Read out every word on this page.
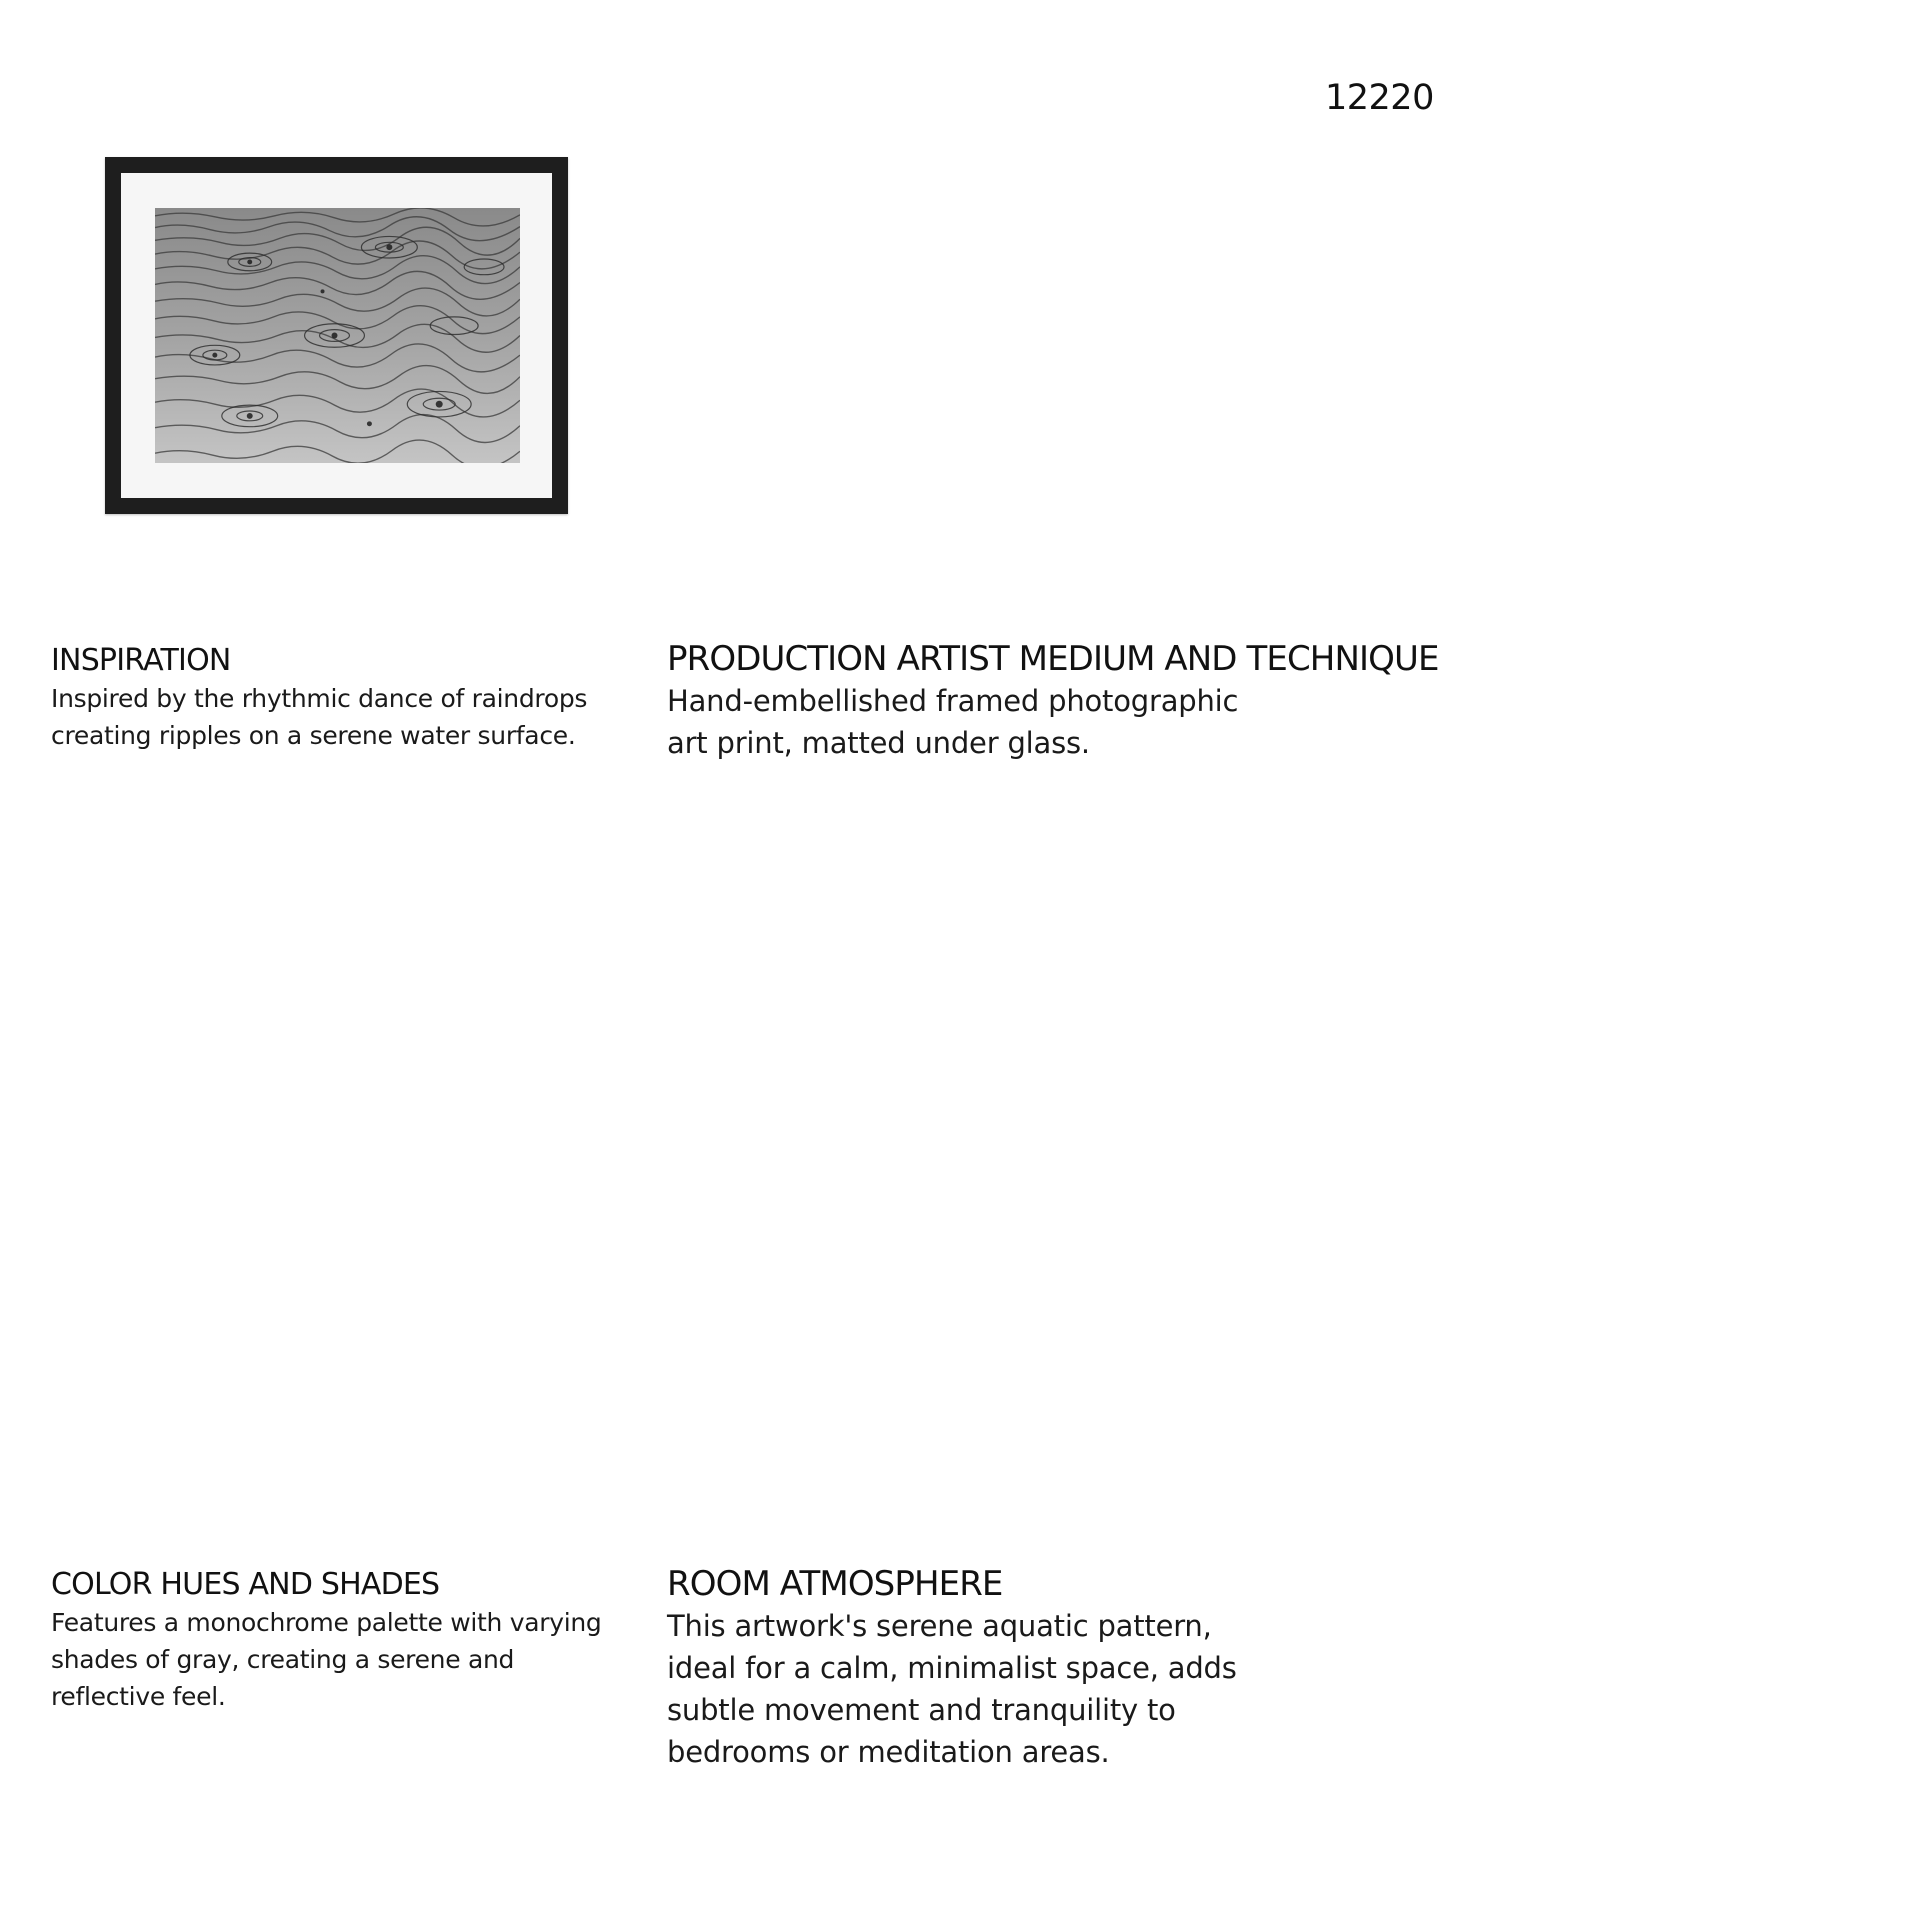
12220
INSPIRATION

Inspired by the rhythmic dance of raindrops
creating ripples on a serene water surface.

PRODUCTION ARTIST MEDIUM AND TECHNIQUE

Hand-embellished framed photographic
art print, matted under glass.

COLOR HUES AND SHADES

Features a monochrome palette with varying
shades of gray, creating a serene and
reflective feel.

ROOM ATMOSPHERE

This artwork's serene aquatic pattern,
ideal for a calm, minimalist space, adds
subtle movement and tranquility to
bedrooms or meditation areas.
